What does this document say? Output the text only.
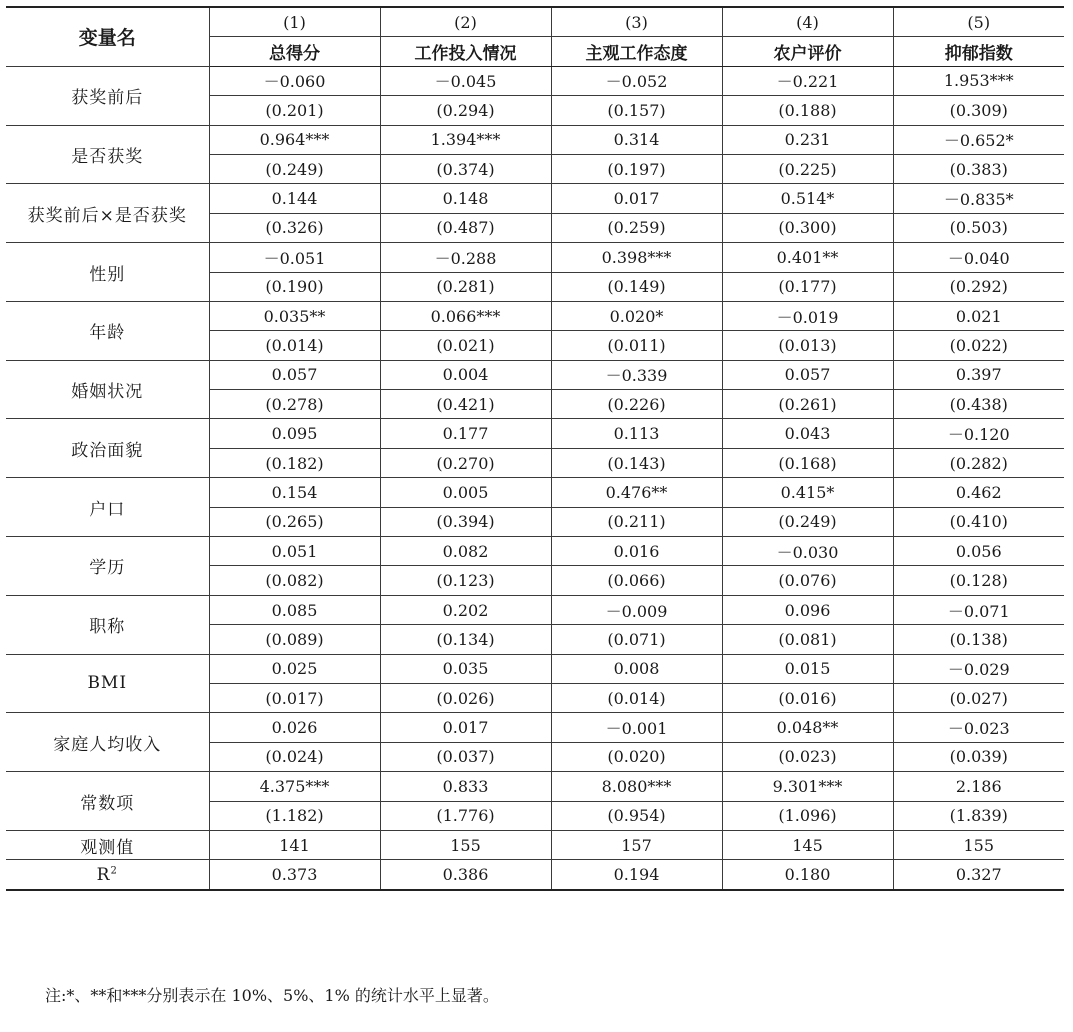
变量名	(1)	(2)	(3)	(4)	(5)
	总得分	工作投入情况	主观工作态度	农户评价	抑郁指数
获奖前后	－0.060	－0.045	－0.052	－0.221	1.953***
	(0.201)	(0.294)	(0.157)	(0.188)	(0.309)
是否获奖	0.964***	1.394***	0.314	0.231	－0.652*
	(0.249)	(0.374)	(0.197)	(0.225)	(0.383)
获奖前后×是否获奖	0.144	0.148	0.017	0.514*	－0.835*
	(0.326)	(0.487)	(0.259)	(0.300)	(0.503)
性别	－0.051	－0.288	0.398***	0.401**	－0.040
	(0.190)	(0.281)	(0.149)	(0.177)	(0.292)
年龄	0.035**	0.066***	0.020*	－0.019	0.021
	(0.014)	(0.021)	(0.011)	(0.013)	(0.022)
婚姻状况	0.057	0.004	－0.339	0.057	0.397
	(0.278)	(0.421)	(0.226)	(0.261)	(0.438)
政治面貌	0.095	0.177	0.113	0.043	－0.120
	(0.182)	(0.270)	(0.143)	(0.168)	(0.282)
户口	0.154	0.005	0.476**	0.415*	0.462
	(0.265)	(0.394)	(0.211)	(0.249)	(0.410)
学历	0.051	0.082	0.016	－0.030	0.056
	(0.082)	(0.123)	(0.066)	(0.076)	(0.128)
职称	0.085	0.202	－0.009	0.096	－0.071
	(0.089)	(0.134)	(0.071)	(0.081)	(0.138)
BMI	0.025	0.035	0.008	0.015	－0.029
	(0.017)	(0.026)	(0.014)	(0.016)	(0.027)
家庭人均收入	0.026	0.017	－0.001	0.048**	－0.023
	(0.024)	(0.037)	(0.020)	(0.023)	(0.039)
常数项	4.375***	0.833	8.080***	9.301***	2.186
	(1.182)	(1.776)	(0.954)	(1.096)	(1.839)
观测值	141	155	157	145	155
$R^2$	0.373	0.386	0.194	0.180	0.327
注:*、**和***分别表示在 10%、5%、1% 的统计水平上显著。
